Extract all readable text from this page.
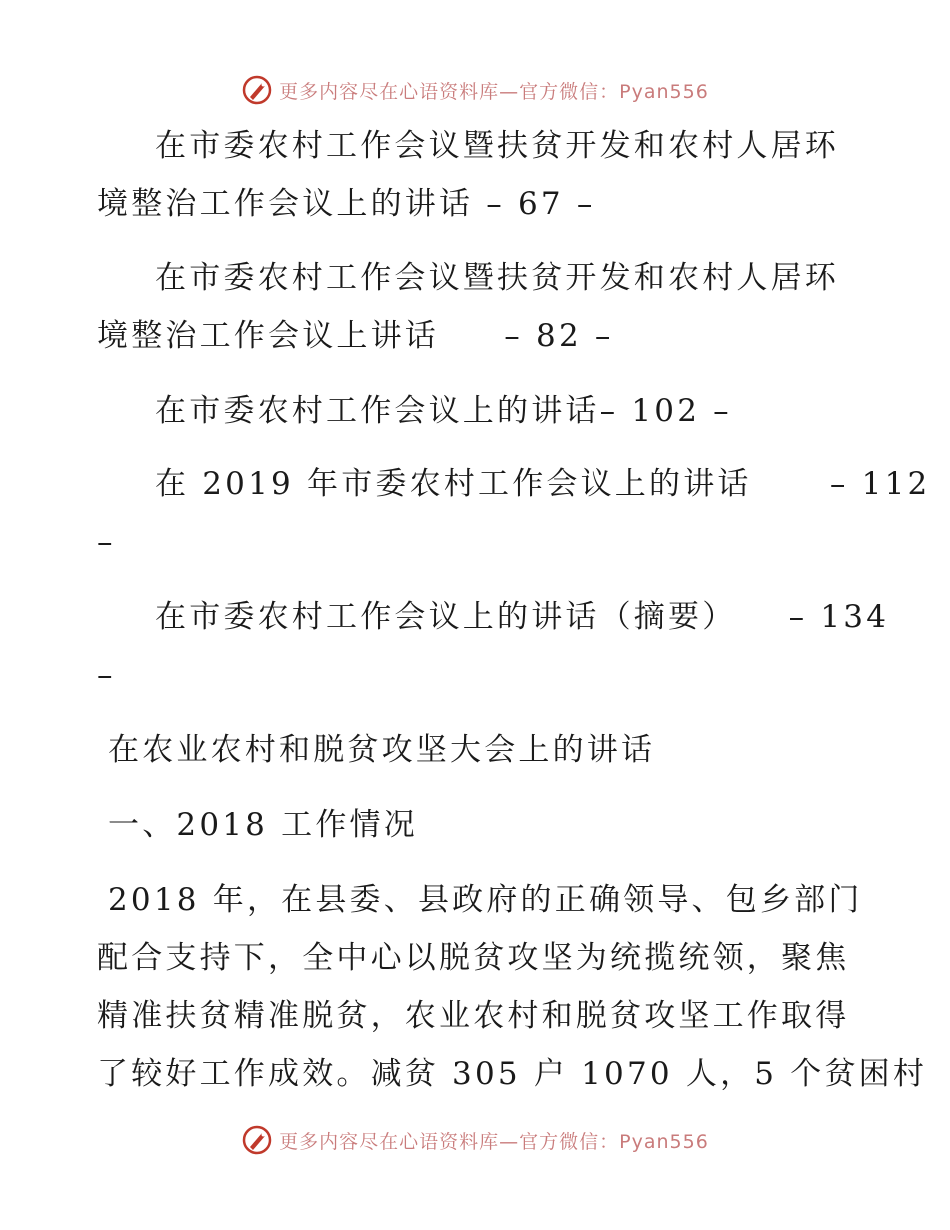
更多内容尽在心语资料库—官方微信：Pyan556
在市委农村工作会议暨扶贫开发和农村人居环
境整治工作会议上的讲话 – 67 –
在市委农村工作会议暨扶贫开发和农村人居环
境整治工作会议上讲话     – 82 –
在市委农村工作会议上的讲话– 102 –
在 2019 年市委农村工作会议上的讲话      – 112
–
在市委农村工作会议上的讲话（摘要）    – 134
–
在农业农村和脱贫攻坚大会上的讲话
一、2018 工作情况
2018 年，在县委、县政府的正确领导、包乡部门
配合支持下，全中心以脱贫攻坚为统揽统领，聚焦
精准扶贫精准脱贫，农业农村和脱贫攻坚工作取得
了较好工作成效。减贫 305 户 1070 人，5 个贫困村
更多内容尽在心语资料库—官方微信：Pyan556
